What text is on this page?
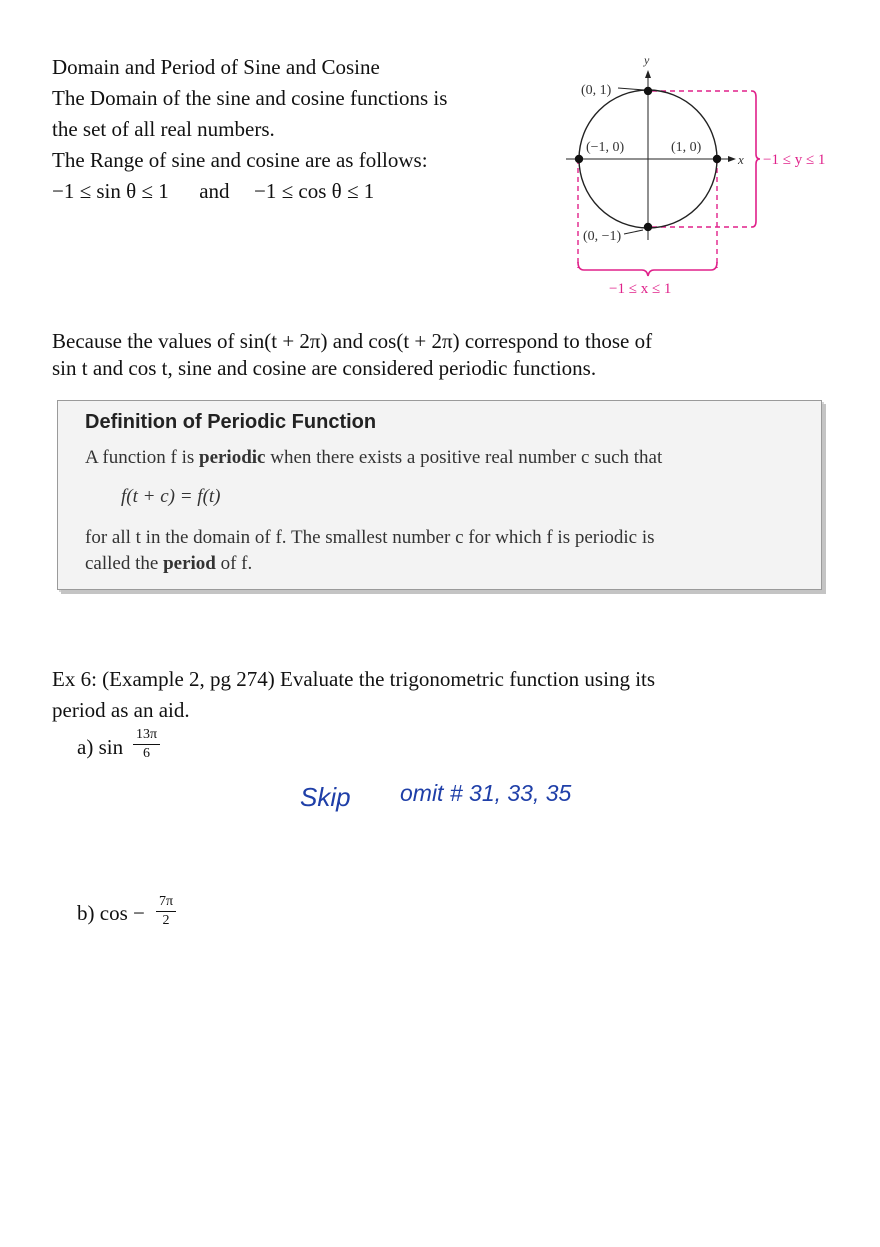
Domain and Period of Sine and Cosine
The Domain of the sine and cosine functions is
the set of all real numbers.
The Range of sine and cosine are as follows:
−1 ≤ sin θ ≤ 1 and −1 ≤ cos θ ≤ 1
y
x
(0, 1)
(−1, 0)	(1, 0)
(0, −1)
−1 ≤ y ≤ 1
−1 ≤ x ≤ 1
Because the values of sin(t + 2π) and cos(t + 2π) correspond to those of
sin t and cos t, sine and cosine are considered periodic functions.
Definition of Periodic Function
A function f is periodic when there exists a positive real number c such that
f(t + c) = f(t)
for all t in the domain of f. The smallest number c for which f is periodic is
called the period of f.
Ex 6: (Example 2, pg 274) Evaluate the trigonometric function using its
period as an aid.
a) $\sin \frac{13\pi}{6}$
b) $\cos - \frac{7\pi}{2}$
Skip omit # 31, 33, 35
